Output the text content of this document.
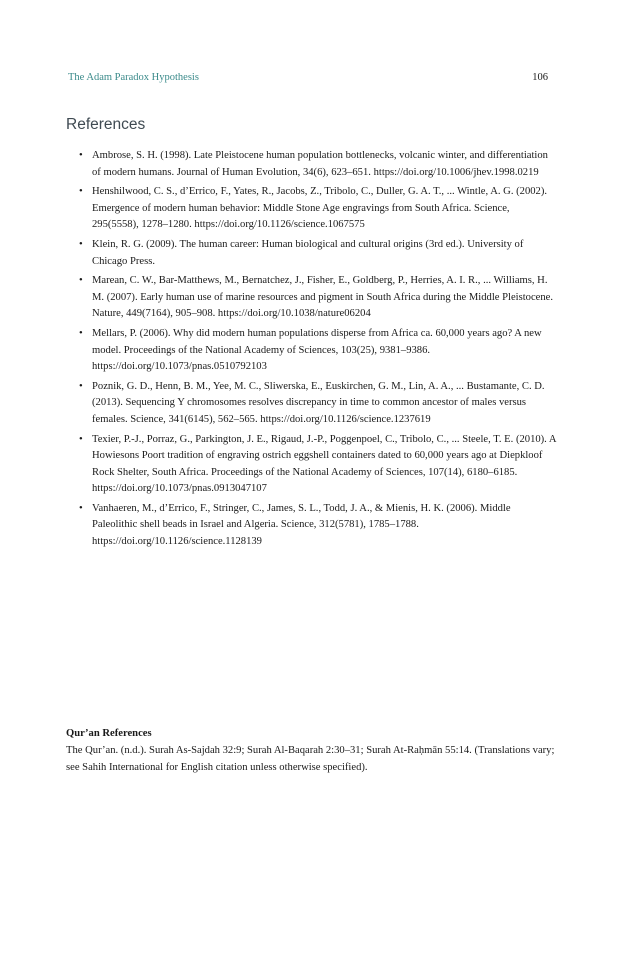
The Adam Paradox Hypothesis	106
References
• Ambrose, S. H. (1998). Late Pleistocene human population bottlenecks, volcanic winter, and differentiation of modern humans. Journal of Human Evolution, 34(6), 623–651. https://doi.org/10.1006/jhev.1998.0219
• Henshilwood, C. S., d’Errico, F., Yates, R., Jacobs, Z., Tribolo, C., Duller, G. A. T., ... Wintle, A. G. (2002). Emergence of modern human behavior: Middle Stone Age engravings from South Africa. Science, 295(5558), 1278–1280. https://doi.org/10.1126/science.1067575
• Klein, R. G. (2009). The human career: Human biological and cultural origins (3rd ed.). University of Chicago Press.
• Marean, C. W., Bar-Matthews, M., Bernatchez, J., Fisher, E., Goldberg, P., Herries, A. I. R., ... Williams, H. M. (2007). Early human use of marine resources and pigment in South Africa during the Middle Pleistocene. Nature, 449(7164), 905–908. https://doi.org/10.1038/nature06204
• Mellars, P. (2006). Why did modern human populations disperse from Africa ca. 60,000 years ago? A new model. Proceedings of the National Academy of Sciences, 103(25), 9381–9386. https://doi.org/10.1073/pnas.0510792103
• Poznik, G. D., Henn, B. M., Yee, M. C., Sliwerska, E., Euskirchen, G. M., Lin, A. A., ... Bustamante, C. D. (2013). Sequencing Y chromosomes resolves discrepancy in time to common ancestor of males versus females. Science, 341(6145), 562–565. https://doi.org/10.1126/science.1237619
• Texier, P.-J., Porraz, G., Parkington, J. E., Rigaud, J.-P., Poggenpoel, C., Tribolo, C., ... Steele, T. E. (2010). A Howiesons Poort tradition of engraving ostrich eggshell containers dated to 60,000 years ago at Diepkloof Rock Shelter, South Africa. Proceedings of the National Academy of Sciences, 107(14), 6180–6185. https://doi.org/10.1073/pnas.0913047107
• Vanhaeren, M., d’Errico, F., Stringer, C., James, S. L., Todd, J. A., & Mienis, H. K. (2006). Middle Paleolithic shell beads in Israel and Algeria. Science, 312(5781), 1785–1788. https://doi.org/10.1126/science.1128139

Qur’an References

The Qur’an. (n.d.). Surah As-Sajdah 32:9; Surah Al-Baqarah 2:30–31; Surah At-Raḥmān 55:14. (Translations vary; see Sahih International for English citation unless otherwise specified).
